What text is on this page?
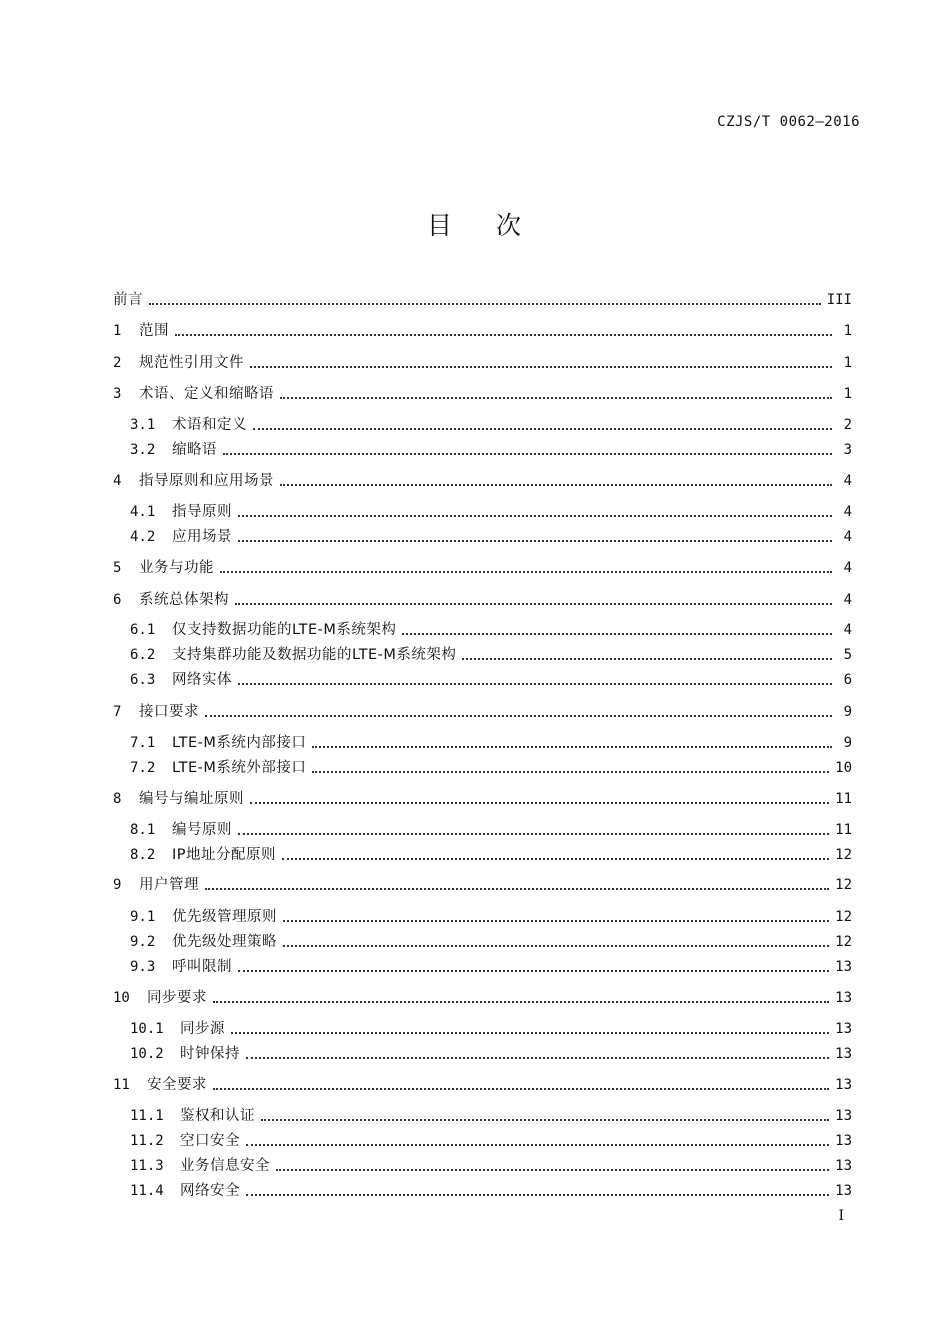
CZJS/T 0062—2016
目 次
前言	III
1	范围	1
2	规范性引用文件	1
3	术语、定义和缩略语	1
3.1	术语和定义	2
3.2	缩略语	3
4	指导原则和应用场景	4
4.1	指导原则	4
4.2	应用场景	4
5	业务与功能	4
6	系统总体架构	4
6.1	仅支持数据功能的LTE-M系统架构	4
6.2	支持集群功能及数据功能的LTE-M系统架构	5
6.3	网络实体	6
7	接口要求	9
7.1	LTE-M系统内部接口	9
7.2	LTE-M系统外部接口	10
8	编号与编址原则	11
8.1	编号原则	11
8.2	IP地址分配原则	12
9	用户管理	12
9.1	优先级管理原则	12
9.2	优先级处理策略	12
9.3	呼叫限制	13
10	同步要求	13
10.1	同步源	13
10.2	时钟保持	13
11	安全要求	13
11.1	鉴权和认证	13
11.2	空口安全	13
11.3	业务信息安全	13
11.4	网络安全	13
I
